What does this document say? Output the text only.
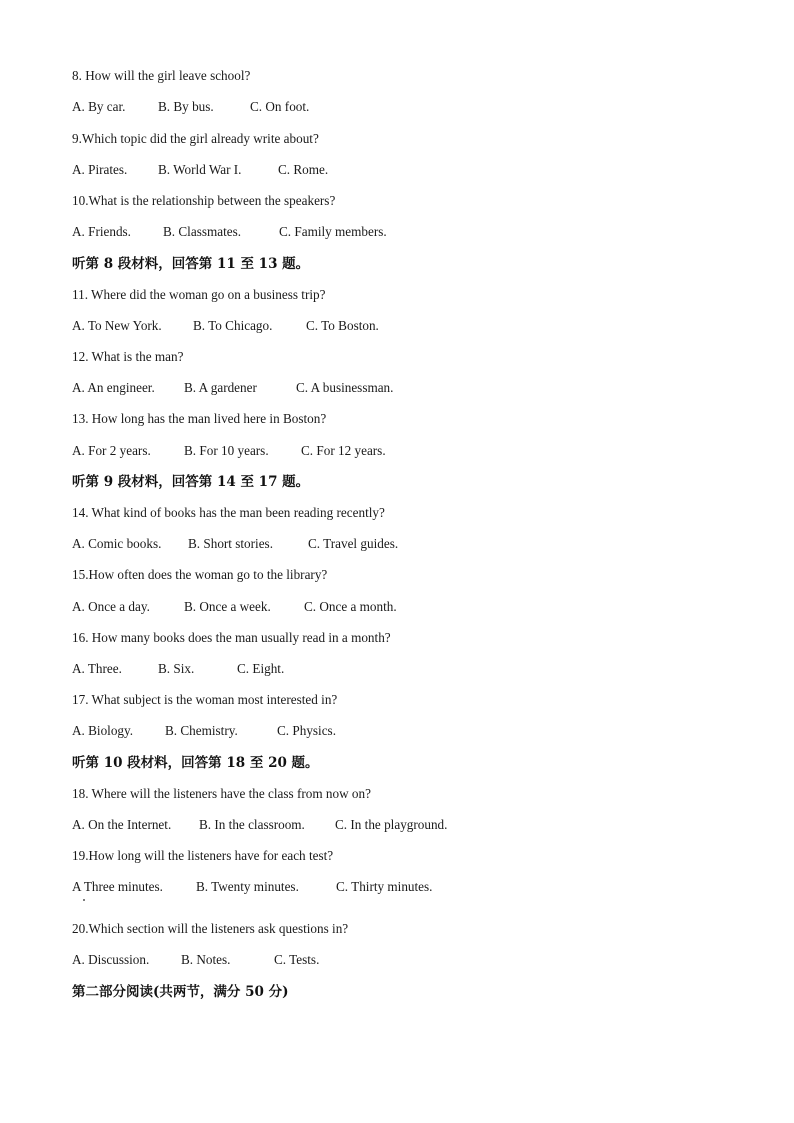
8. How will the girl leave school?
A. By car. B. By bus.	C. On foot.
9.Which topic did the girl already write about?
A. Pirates. B. World War I.	C. Rome.
10.What is the relationship between the speakers?
A. Friends. B. Classmates.	C. Family members.
听第 8 段材料，回答第 11 至 13 题。
11. Where did the woman go on a business trip?
A. To New York. B. To Chicago.	C. To Boston.
12. What is the man?
A. An engineer. B. A gardener	C. A businessman.
13. How long has the man lived here in Boston?
A. For 2 years.	B. For 10 years. C. For 12 years.
听第 9 段材料，回答第 14 至 17 题。
14. What kind of books has the man been reading recently?
A. Comic books. B. Short stories.	C. Travel guides.
15.How often does the woman go to the library?
A. Once a day.	B. Once a week.	C. Once a month.
16. How many books does the man usually read in a month?
A. Three.	B. Six.	C. Eight.
17. What subject is the woman most interested in?
A. Biology. B. Chemistry.	C. Physics.
听第 10 段材料，回答第 18 至 20 题。
18. Where will the listeners have the class from now on?
A. On the Internet. B. In the classroom. C. In the playground.
19.How long will the listeners have for each test?
A Three minutes.	B. Twenty minutes.	C. Thirty minutes.
20.Which section will the listeners ask questions in?
A. Discussion. B. Notes.	C. Tests.
第二部分阅读(共两节，满分 50 分)
